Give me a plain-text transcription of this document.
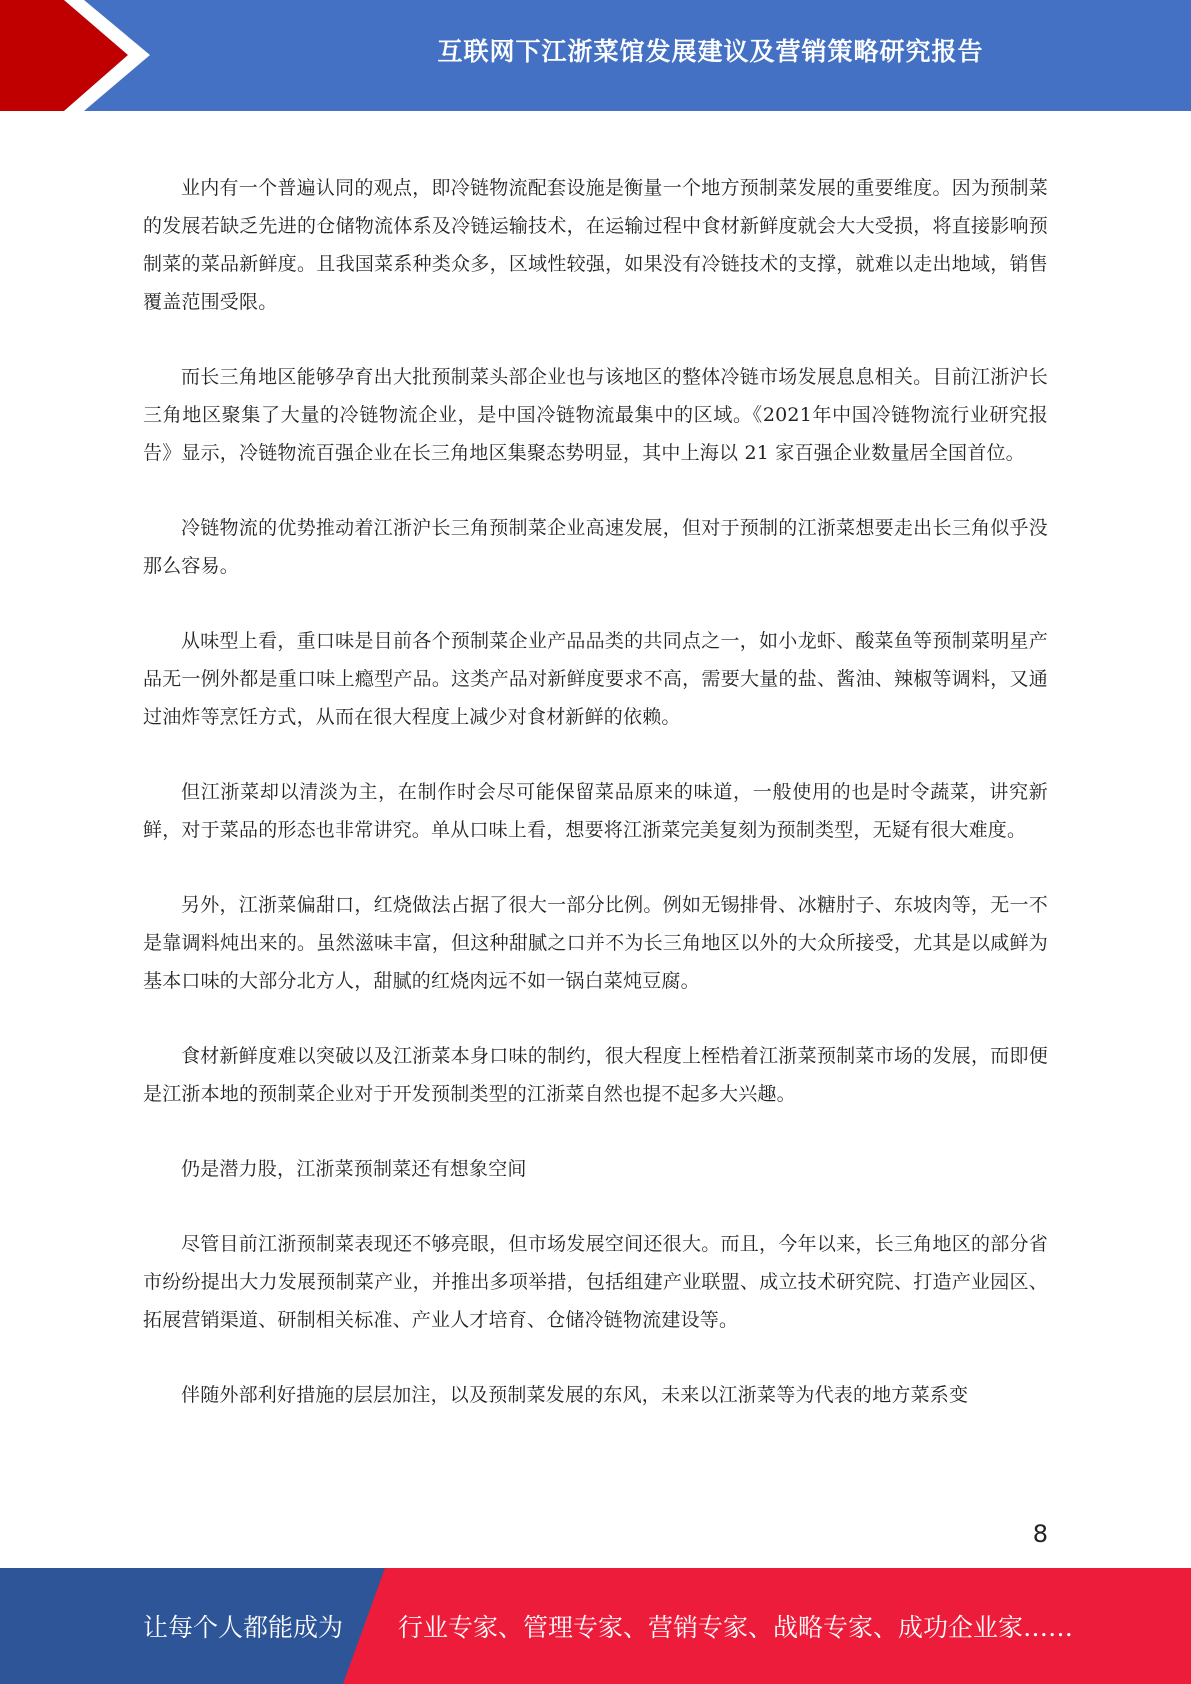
互联网下江浙菜馆发展建议及营销策略研究报告

业内有一个普遍认同的观点，即冷链物流配套设施是衡量一个地方预制菜发展的重要维度。因为预制菜的发展若缺乏先进的仓储物流体系及冷链运输技术，在运输过程中食材新鲜度就会大大受损，将直接影响预制菜的菜品新鲜度。且我国菜系种类众多，区域性较强，如果没有冷链技术的支撑，就难以走出地域，销售覆盖范围受限。

而长三角地区能够孕育出大批预制菜头部企业也与该地区的整体冷链市场发展息息相关。目前江浙沪长三角地区聚集了大量的冷链物流企业，是中国冷链物流最集中的区域。《2021年中国冷链物流行业研究报告》显示，冷链物流百强企业在长三角地区集聚态势明显，其中上海以 21 家百强企业数量居全国首位。

冷链物流的优势推动着江浙沪长三角预制菜企业高速发展，但对于预制的江浙菜想要走出长三角似乎没那么容易。

从味型上看，重口味是目前各个预制菜企业产品品类的共同点之一，如小龙虾、酸菜鱼等预制菜明星产品无一例外都是重口味上瘾型产品。这类产品对新鲜度要求不高，需要大量的盐、酱油、辣椒等调料，又通过油炸等烹饪方式，从而在很大程度上减少对食材新鲜的依赖。

但江浙菜却以清淡为主，在制作时会尽可能保留菜品原来的味道，一般使用的也是时令蔬菜，讲究新鲜，对于菜品的形态也非常讲究。单从口味上看，想要将江浙菜完美复刻为预制类型，无疑有很大难度。

另外，江浙菜偏甜口，红烧做法占据了很大一部分比例。例如无锡排骨、冰糖肘子、东坡肉等，无一不是靠调料炖出来的。虽然滋味丰富，但这种甜腻之口并不为长三角地区以外的大众所接受，尤其是以咸鲜为基本口味的大部分北方人，甜腻的红烧肉远不如一锅白菜炖豆腐。

食材新鲜度难以突破以及江浙菜本身口味的制约，很大程度上桎梏着江浙菜预制菜市场的发展，而即便是江浙本地的预制菜企业对于开发预制类型的江浙菜自然也提不起多大兴趣。

仍是潜力股，江浙菜预制菜还有想象空间

尽管目前江浙预制菜表现还不够亮眼，但市场发展空间还很大。而且，今年以来，长三角地区的部分省市纷纷提出大力发展预制菜产业，并推出多项举措，包括组建产业联盟、成立技术研究院、打造产业园区、拓展营销渠道、研制相关标准、产业人才培育、仓储冷链物流建设等。

伴随外部利好措施的层层加注，以及预制菜发展的东风，未来以江浙菜等为代表的地方菜系变

8
让每个人都能成为 行业专家、管理专家、营销专家、战略专家、成功企业家……
